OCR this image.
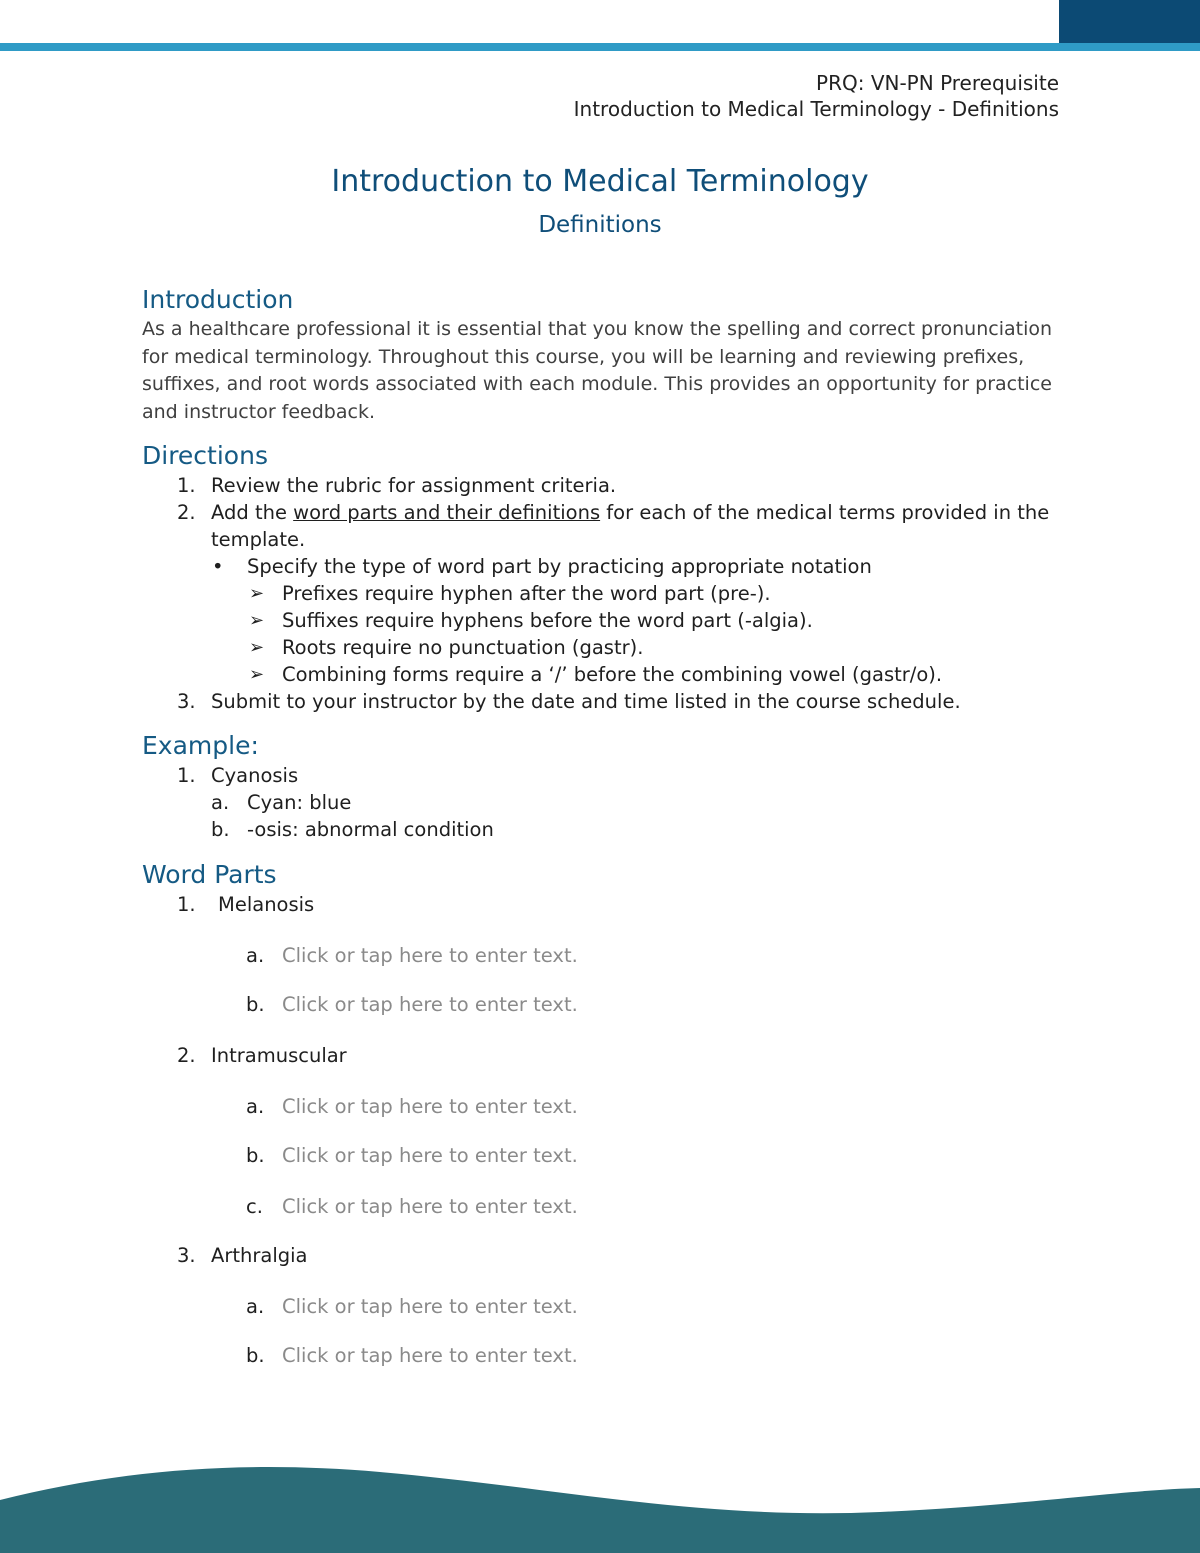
PRQ: VN-PN Prerequisite
Introduction to Medical Terminology - Definitions
Introduction to Medical Terminology
Definitions
Introduction

As a healthcare professional it is essential that you know the spelling and correct pronunciation for medical terminology. Throughout this course, you will be learning and reviewing prefixes, suffixes, and root words associated with each module. This provides an opportunity for practice and instructor feedback.

Directions
1. Review the rubric for assignment criteria.
2. Add the word parts and their definitions for each of the medical terms provided in the template.
• Specify the type of word part by practicing appropriate notation
➢ Prefixes require hyphen after the word part (pre-).
➢ Suffixes require hyphens before the word part (-algia).
➢ Roots require no punctuation (gastr).
➢ Combining forms require a ‘/’ before the combining vowel (gastr/o).
3. Submit to your instructor by the date and time listed in the course schedule.
Example:
1. Cyanosis
a. Cyan: blue
b. -osis: abnormal condition
Word Parts
1. Melanosis
a. Click or tap here to enter text.
b. Click or tap here to enter text.
2. Intramuscular
a. Click or tap here to enter text.
b. Click or tap here to enter text.
c. Click or tap here to enter text.
3. Arthralgia
a. Click or tap here to enter text.
b. Click or tap here to enter text.
